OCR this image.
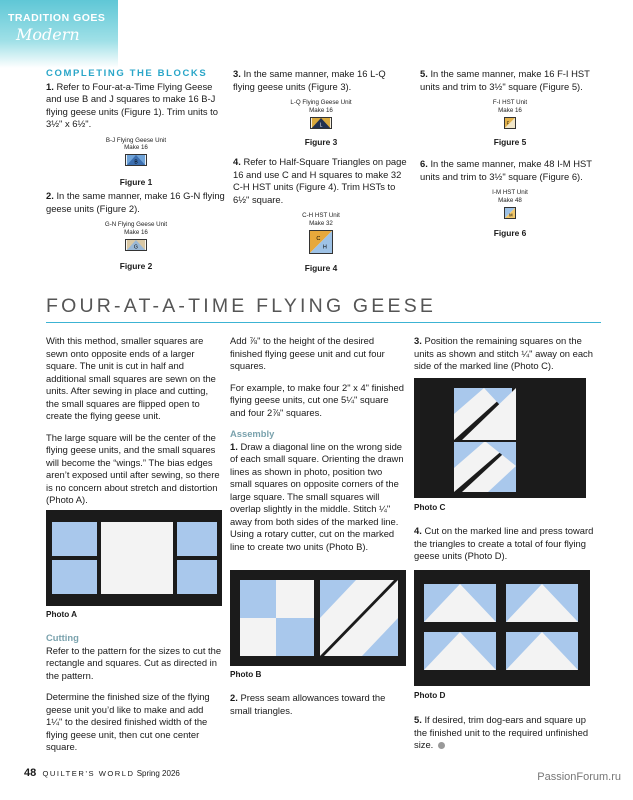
TRADITION GOES
Modern
COMPLETING THE BLOCKS
1. Refer to Four-at-a-Time Flying Geese and use B and J squares to make 16 B-J flying geese units (Figure 1). Trim units to 3½" x 6½".
B-J Flying Geese Unit
Make 16
B
Figure 1
2. In the same manner, make 16 G-N flying geese units (Figure 2).
G-N Flying Geese Unit
Make 16
G
Figure 2
3. In the same manner, make 16 L-Q flying geese units (Figure 3).
L-Q Flying Geese Unit
Make 16
L
Figure 3
4. Refer to Half-Square Triangles on page 16 and use C and H squares to make 32 C-H HST units (Figure 4). Trim HSTs to 6½" square.
C-H HST Unit
Make 32
C
H
Figure 4
5. In the same manner, make 16 F-I HST units and trim to 3½" square (Figure 5).
F-I HST Unit
Make 16
F
Figure 5
6. In the same manner, make 48 I-M HST units and trim to 3½" square (Figure 6).
I-M HST Unit
Make 48
M
Figure 6
FOUR-AT-A-TIME FLYING GEESE

With this method, smaller squares are sewn onto opposite ends of a larger square. The unit is cut in half and additional small squares are sewn on the units. After sewing in place and cutting, the small squares are flipped open to create the flying geese unit.

The large square will be the center of the flying geese units, and the small squares will become the “wings.” The bias edges aren’t exposed until after sewing, so there is no concern about stretch and distortion (Photo A).

Photo A
Cutting

Refer to the pattern for the sizes to cut the rectangle and squares. Cut as directed in the pattern.

Determine the finished size of the flying geese unit you’d like to make and add 1¼" to the desired finished width of the flying geese unit, then cut one center square.

Add ⅞" to the height of the desired finished flying geese unit and cut four squares.

For example, to make four 2" x 4" finished flying geese units, cut one 5¼" square and four 2⅞" squares.

Assembly
1. Draw a diagonal line on the wrong side of each small square. Orienting the drawn lines as shown in photo, position two small squares on opposite corners of the large square. The small squares will overlap slightly in the middle. Stitch ¼" away from both sides of the marked line. Using a rotary cutter, cut on the marked line to create two units (Photo B).
Photo B
2. Press seam allowances toward the small triangles.
3. Position the remaining squares on the units as shown and stitch ¼" away on each side of the marked line (Photo C).
Photo C
4. Cut on the marked line and press toward the triangles to create a total of four flying geese units (Photo D).
Photo D
5. If desired, trim dog-ears and square up the finished unit to the required unfinished size.
48 QUILTER’S WORLD Spring 2026	PassionForum.ru
